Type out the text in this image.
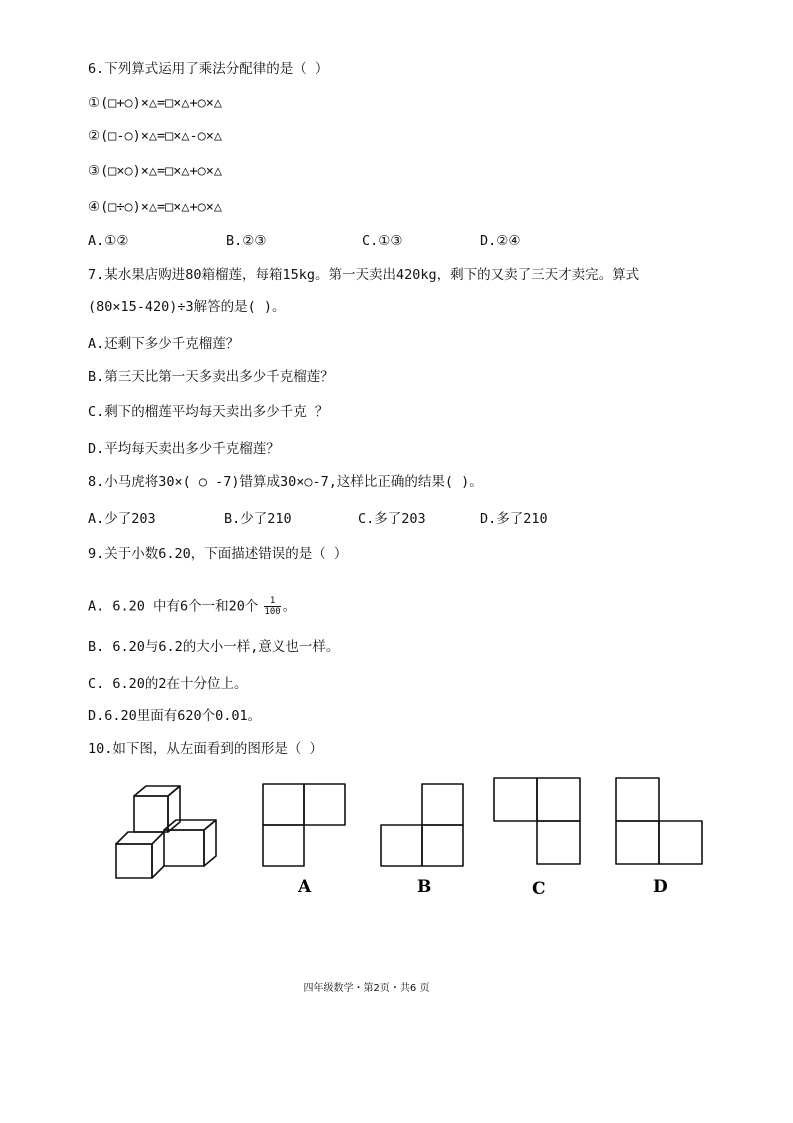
6.下列算式运用了乘法分配律的是（ ）
①(□+○)×△=□×△+○×△
②(□-○)×△=□×△-○×△
③(□×○)×△=□×△+○×△
④(□÷○)×△=□×△+○×△
A.①②	B.②③	C.①③	D.②④
7.某水果店购进80箱榴莲，每箱15kg。第一天卖出420kg，剩下的又卖了三天才卖完。算式
(80×15-420)÷3解答的是( )。
A.还剩下多少千克榴莲？
B.第三天比第一天多卖出多少千克榴莲？
C.剩下的榴莲平均每天卖出多少千克 ？
D.平均每天卖出多少千克榴莲？
8.小马虎将30×( ○ -7)错算成30×○-7,这样比正确的结果( )。
A.少了203	B.少了210	C.多了203	D.多了210
9.关于小数6.20，下面描述错误的是（ ）
A. 6.20 中有6个一和20个 $\frac{1}{100}$ 。
B. 6.20与6.2的大小一样,意义也一样。
C. 6.20的2在十分位上。
D.6.20里面有620个0.01。
10.如下图，从左面看到的图形是（ ）
A	B	C	D
四年级数学・第2页・共6 页
